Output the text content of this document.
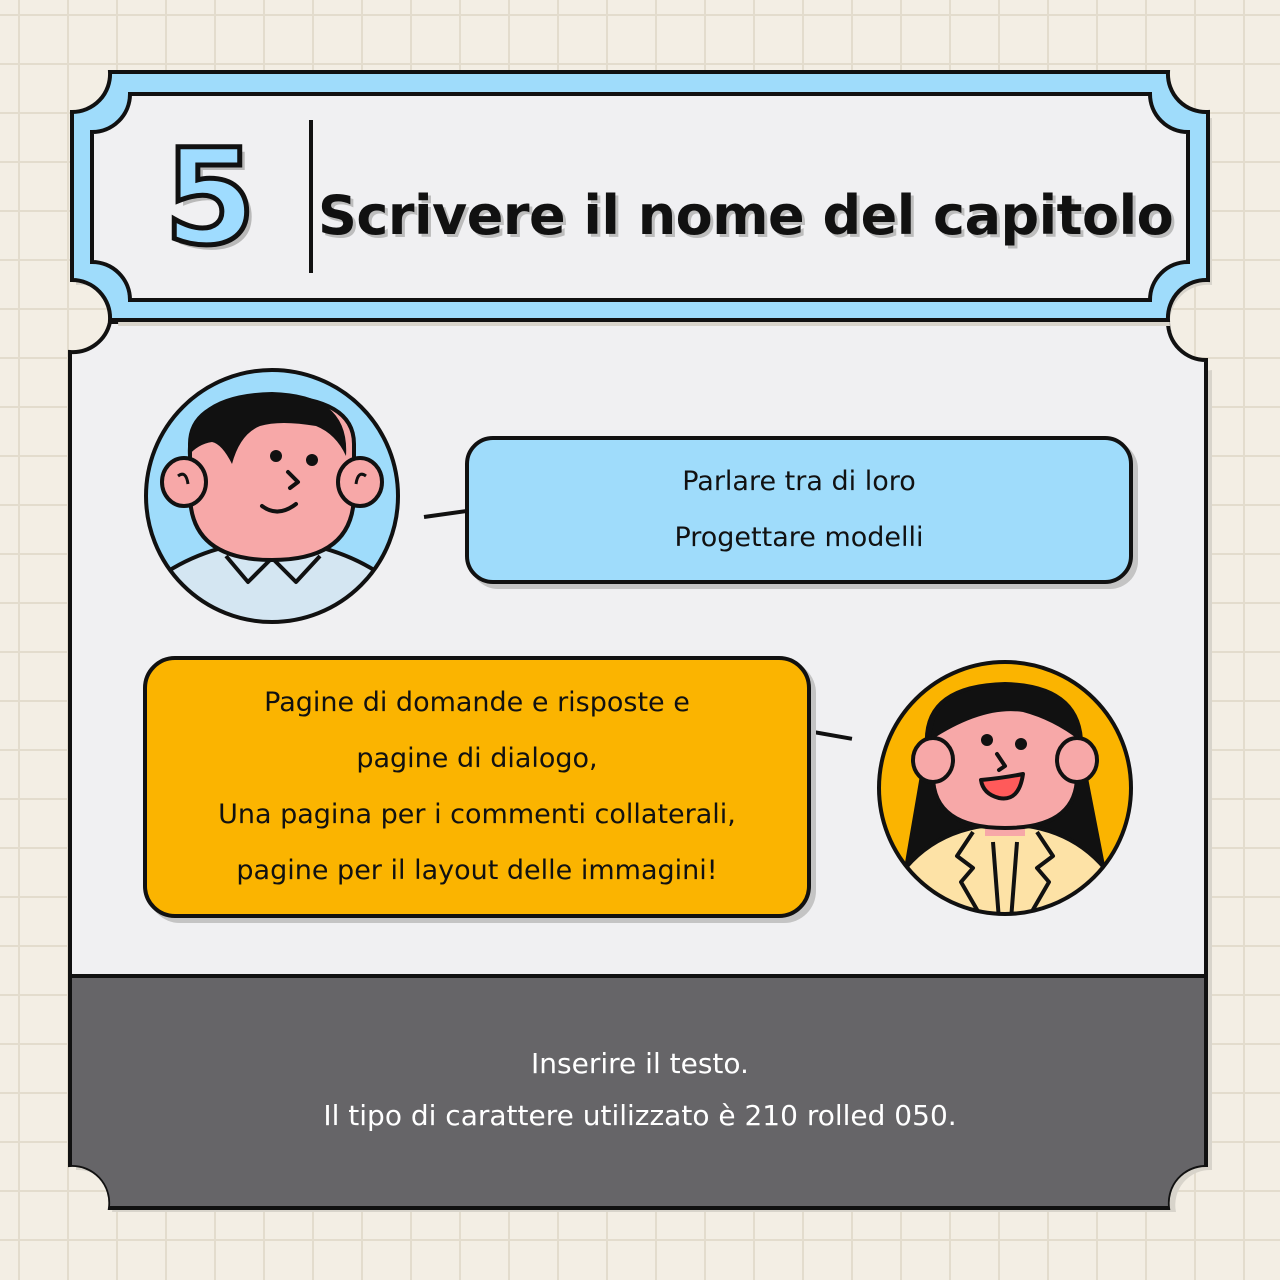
5 Scrivere il nome del capitolo
Parlare tra di loro
Progettare modelli
Pagine di domande e risposte e
pagine di dialogo,
Una pagina per i commenti collaterali,
pagine per il layout delle immagini!
Inserire il testo.
Il tipo di carattere utilizzato è 210 rolled 050.
